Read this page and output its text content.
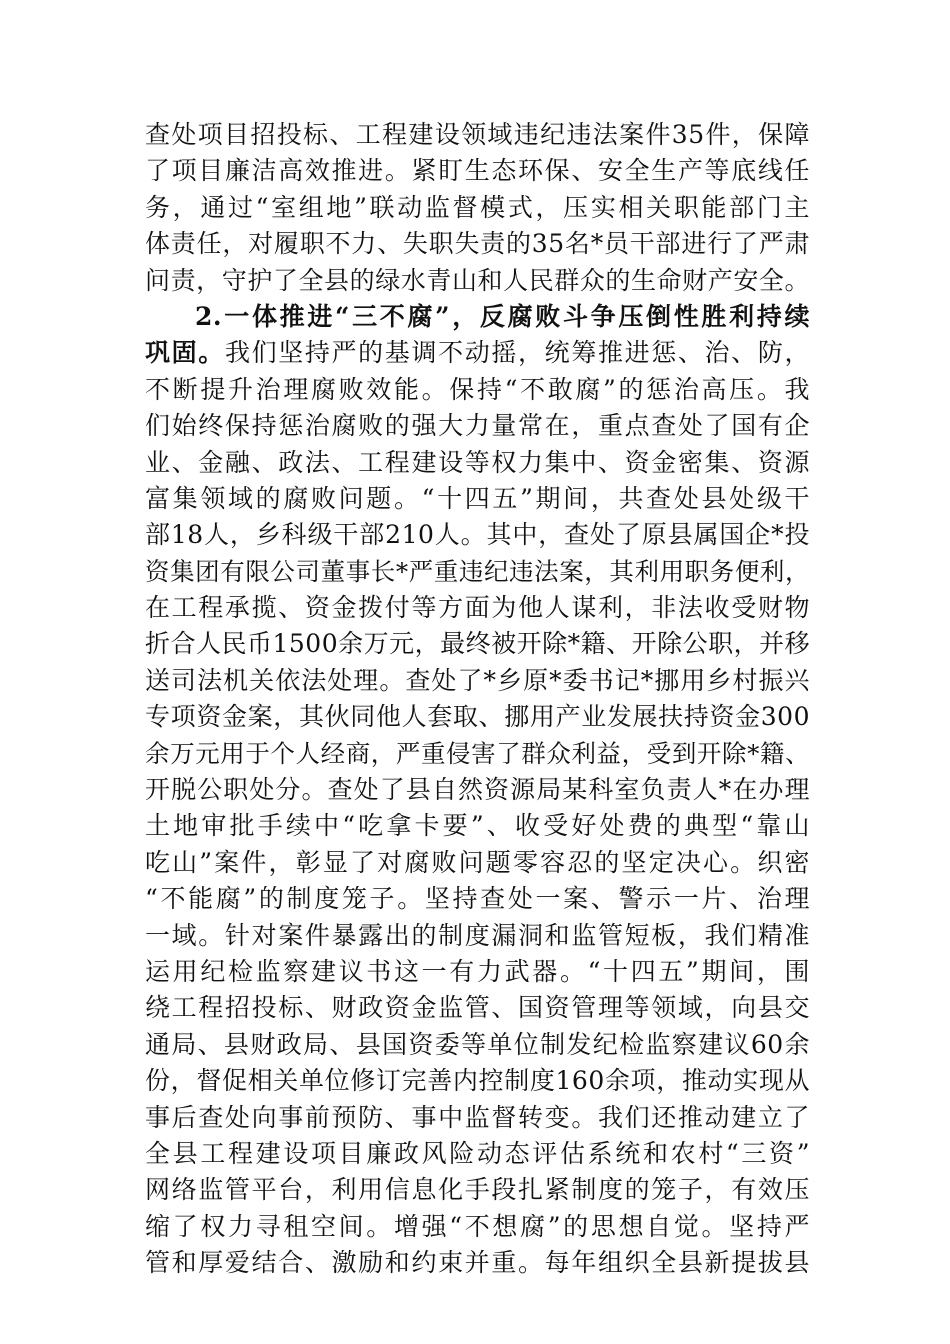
查处项目招投标、工程建设领域违纪违法案件35件，保障
了项目廉洁高效推进。紧盯生态环保、安全生产等底线任
务，通过“室组地”联动监督模式，压实相关职能部门主
体责任，对履职不力、失职失责的35名*员干部进行了严肃
问责，守护了全县的绿水青山和人民群众的生命财产安全。
2.一体推进“三不腐”，反腐败斗争压倒性胜利持续
巩固。我们坚持严的基调不动摇，统筹推进惩、治、防，
不断提升治理腐败效能。保持“不敢腐”的惩治高压。我
们始终保持惩治腐败的强大力量常在，重点查处了国有企
业、金融、政法、工程建设等权力集中、资金密集、资源
富集领域的腐败问题。“十四五”期间，共查处县处级干
部18人，乡科级干部210人。其中，查处了原县属国企*投
资集团有限公司董事长*严重违纪违法案，其利用职务便利，
在工程承揽、资金拨付等方面为他人谋利，非法收受财物
折合人民币1500余万元，最终被开除*籍、开除公职，并移
送司法机关依法处理。查处了*乡原*委书记*挪用乡村振兴
专项资金案，其伙同他人套取、挪用产业发展扶持资金300
余万元用于个人经商，严重侵害了群众利益，受到开除*籍、
开脱公职处分。查处了县自然资源局某科室负责人*在办理
土地审批手续中“吃拿卡要”、收受好处费的典型“靠山
吃山”案件，彰显了对腐败问题零容忍的坚定决心。织密
“不能腐”的制度笼子。坚持查处一案、警示一片、治理
一域。针对案件暴露出的制度漏洞和监管短板，我们精准
运用纪检监察建议书这一有力武器。“十四五”期间，围
绕工程招投标、财政资金监管、国资管理等领域，向县交
通局、县财政局、县国资委等单位制发纪检监察建议60余
份，督促相关单位修订完善内控制度160余项，推动实现从
事后查处向事前预防、事中监督转变。我们还推动建立了
全县工程建设项目廉政风险动态评估系统和农村“三资”
网络监管平台，利用信息化手段扎紧制度的笼子，有效压
缩了权力寻租空间。增强“不想腐”的思想自觉。坚持严
管和厚爱结合、激励和约束并重。每年组织全县新提拔县
